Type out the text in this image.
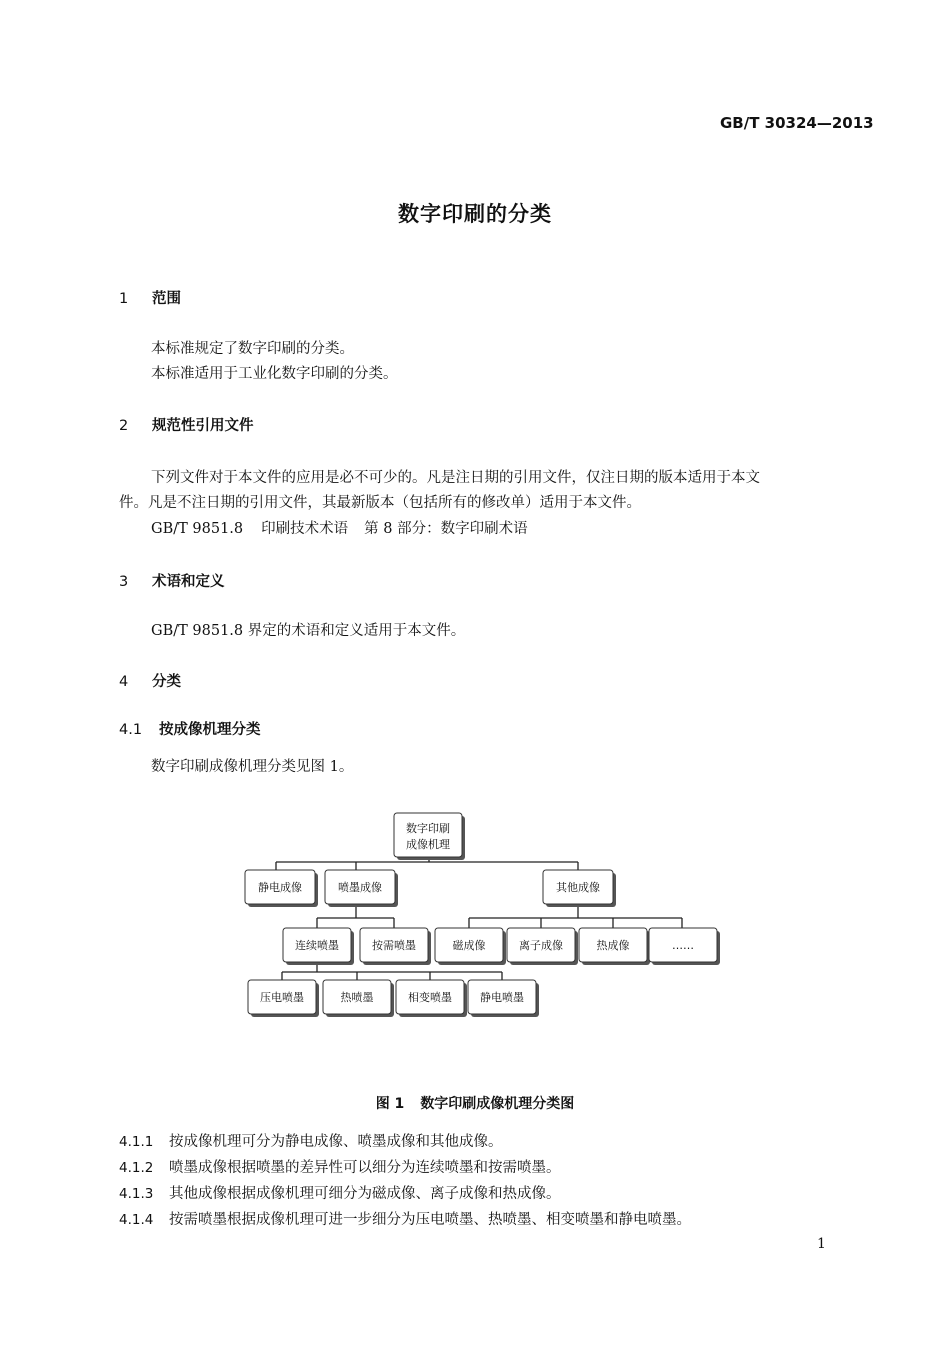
GB/T 30324—2013
数字印刷的分类
1 范围
本标准规定了数字印刷的分类。
本标准适用于工业化数字印刷的分类。
2 规范性引用文件
下列文件对于本文件的应用是必不可少的。凡是注日期的引用文件，仅注日期的版本适用于本文
件。凡是不注日期的引用文件，其最新版本（包括所有的修改单）适用于本文件。
GB/T 9851.8 印刷技术术语 第 8 部分：数字印刷术语
3 术语和定义
GB/T 9851.8 界定的术语和定义适用于本文件。
4 分类
4.1 按成像机理分类
数字印刷成像机理分类见图 1。
数字印刷
成像机理
静电成像	喷墨成像	其他成像
连续喷墨	按需喷墨	磁成像	离子成像	热成像	……
压电喷墨	热喷墨	相变喷墨	静电喷墨
图 1 数字印刷成像机理分类图
4.1.1 按成像机理可分为静电成像、喷墨成像和其他成像。
4.1.2 喷墨成像根据喷墨的差异性可以细分为连续喷墨和按需喷墨。
4.1.3 其他成像根据成像机理可细分为磁成像、离子成像和热成像。
4.1.4 按需喷墨根据成像机理可进一步细分为压电喷墨、热喷墨、相变喷墨和静电喷墨。
1
